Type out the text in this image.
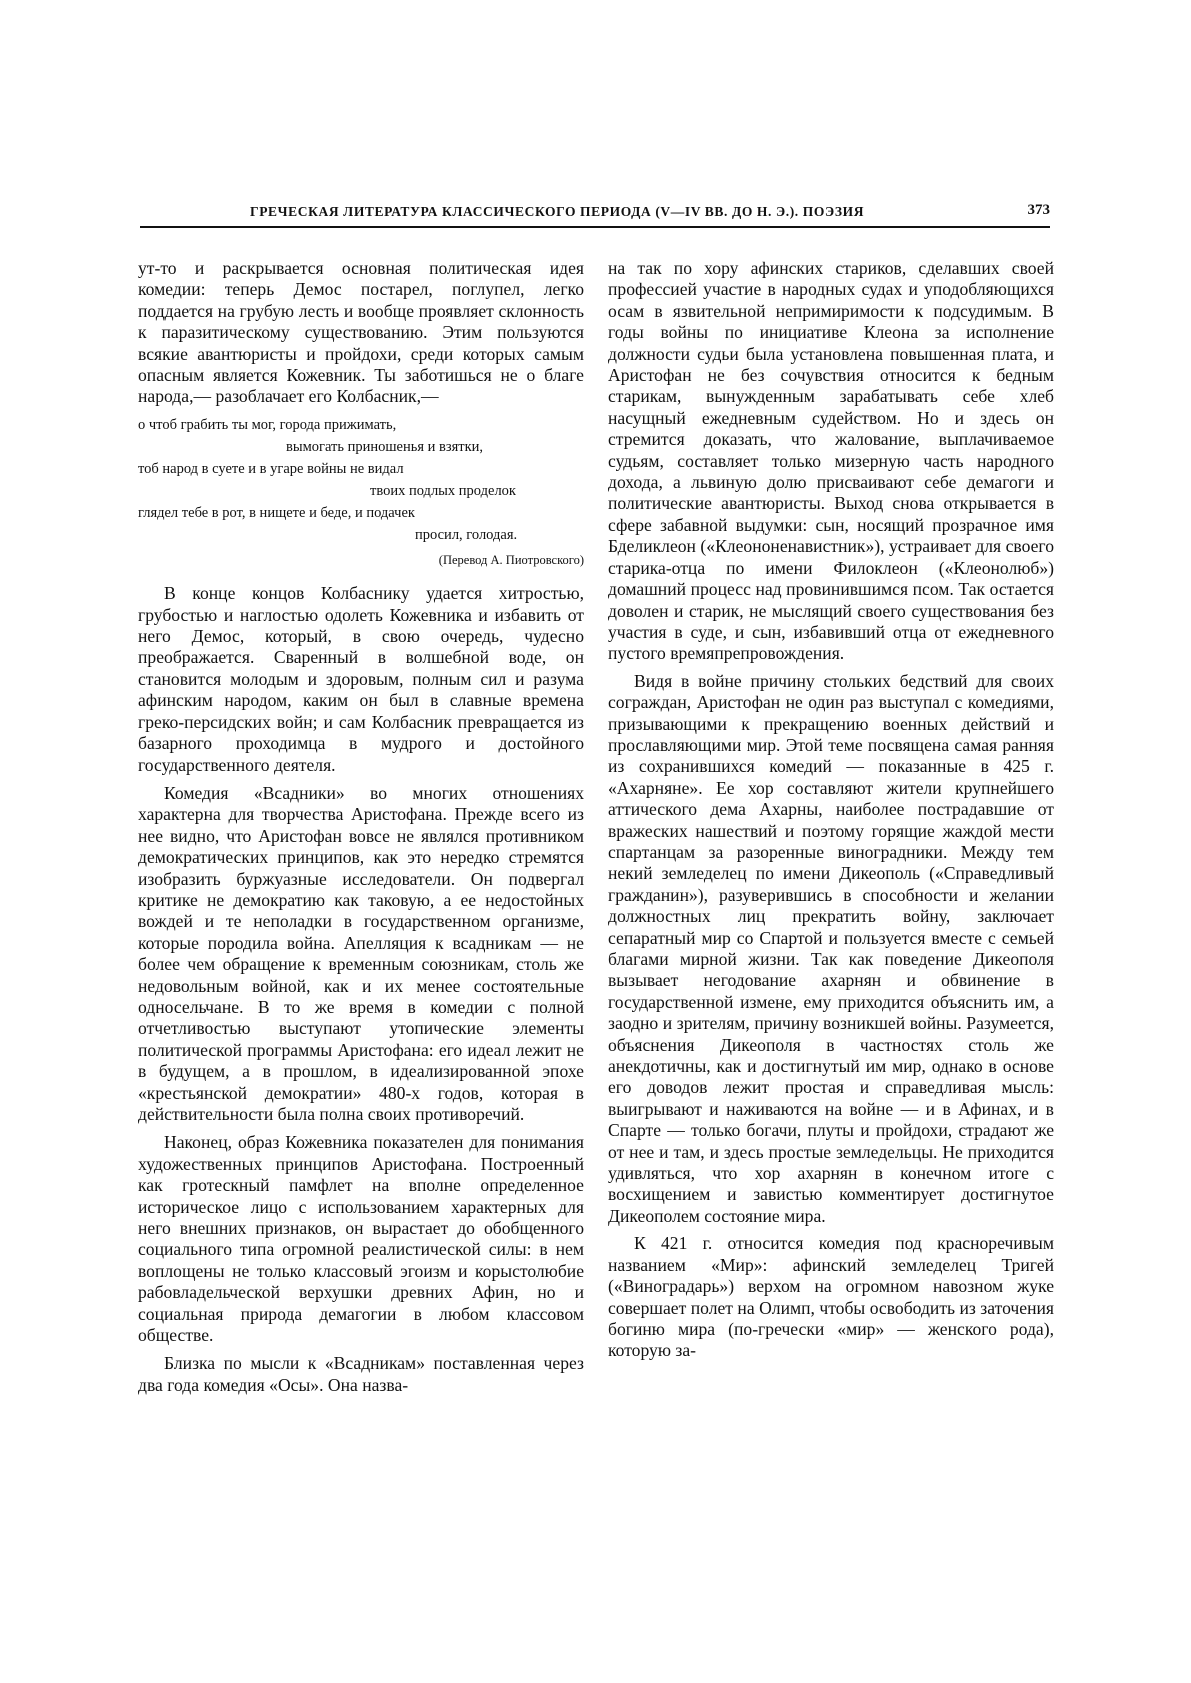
ГРЕЧЕСКАЯ ЛИТЕРАТУРА КЛАССИЧЕСКОГО ПЕРИОДА (V—IV ВВ. ДО Н. Э.). ПОЭЗИЯ	373

ут-то и раскрывается основная политическая идея комедии: теперь Демос постарел, поглупел, легко поддается на грубую лесть и вообще проявляет склонность к паразитическому существованию. Этим пользуются всякие авантюристы и пройдохи, среди которых самым опасным является Кожевник. Ты заботишься не о благе народа,— разоблачает его Колбасник,—

о чтоб грабить ты мог, города прижимать,
вымогать приношенья и взятки,
тоб народ в суете и в угаре войны не видал
твоих подлых проделок
глядел тебе в рот, в нищете и беде, и подачек
просил, голодая.
(Перевод А. Пиотровского)

В конце концов Колбаснику удается хитростью, грубостью и наглостью одолеть Кожевника и избавить от него Демос, который, в свою очередь, чудесно преображается. Сваренный в волшебной воде, он становится молодым и здоровым, полным сил и разума афинским народом, каким он был в славные времена греко-персидских войн; и сам Колбасник превращается из базарного проходимца в мудрого и достойного государственного деятеля.

Комедия «Всадники» во многих отношениях характерна для творчества Аристофана. Прежде всего из нее видно, что Аристофан вовсе не являлся противником демократических принципов, как это нередко стремятся изобразить буржуазные исследователи. Он подвергал критике не демократию как таковую, а ее недостойных вождей и те неполадки в государственном организме, которые породила война. Апелляция к всадникам — не более чем обращение к временным союзникам, столь же недовольным войной, как и их менее состоятельные односельчане. В то же время в комедии с полной отчетливостью выступают утопические элементы политической программы Аристофана: его идеал лежит не в будущем, а в прошлом, в идеализированной эпохе «крестьянской демократии» 480-х годов, которая в действительности была полна своих противоречий.

Наконец, образ Кожевника показателен для понимания художественных принципов Аристофана. Построенный как гротескный памфлет на вполне определенное историческое лицо с использованием характерных для него внешних признаков, он вырастает до обобщенного социального типа огромной реалистической силы: в нем воплощены не только классовый эгоизм и корыстолюбие рабовладельческой верхушки древних Афин, но и социальная природа демагогии в любом классовом обществе.

Близка по мысли к «Всадникам» поставленная через два года комедия «Осы». Она назва-

на так по хору афинских стариков, сделавших своей профессией участие в народных судах и уподобляющихся осам в язвительной непримиримости к подсудимым. В годы войны по инициативе Клеона за исполнение должности судьи была установлена повышенная плата, и Аристофан не без сочувствия относится к бедным старикам, вынужденным зарабатывать себе хлеб насущный ежедневным судейством. Но и здесь он стремится доказать, что жалование, выплачиваемое судьям, составляет только мизерную часть народного дохода, а львиную долю присваивают себе демагоги и политические авантюристы. Выход снова открывается в сфере забавной выдумки: сын, носящий прозрачное имя Бделиклеон («Клеононенавистник»), устраивает для своего старика-отца по имени Филоклеон («Клеонолюб») домашний процесс над провинившимся псом. Так остается доволен и старик, не мыслящий своего существования без участия в суде, и сын, избавивший отца от ежедневного пустого времяпрепровождения.

Видя в войне причину стольких бедствий для своих сограждан, Аристофан не один раз выступал с комедиями, призывающими к прекращению военных действий и прославляющими мир. Этой теме посвящена самая ранняя из сохранившихся комедий — показанные в 425 г. «Ахарняне». Ее хор составляют жители крупнейшего аттического дема Ахарны, наиболее пострадавшие от вражеских нашествий и поэтому горящие жаждой мести спартанцам за разоренные виноградники. Между тем некий земледелец по имени Дикеополь («Справедливый гражданин»), разуверившись в способности и желании должностных лиц прекратить войну, заключает сепаратный мир со Спартой и пользуется вместе с семьей благами мирной жизни. Так как поведение Дикеополя вызывает негодование ахарнян и обвинение в государственной измене, ему приходится объяснить им, а заодно и зрителям, причину возникшей войны. Разумеется, объяснения Дикеополя в частностях столь же анекдотичны, как и достигнутый им мир, однако в основе его доводов лежит простая и справедливая мысль: выигрывают и наживаются на войне — и в Афинах, и в Спарте — только богачи, плуты и пройдохи, страдают же от нее и там, и здесь простые земледельцы. Не приходится удивляться, что хор ахарнян в конечном итоге с восхищением и завистью комментирует достигнутое Дикеополем состояние мира.

К 421 г. относится комедия под красноречивым названием «Мир»: афинский земледелец Тригей («Виноградарь») верхом на огромном навозном жуке совершает полет на Олимп, чтобы освободить из заточения богиню мира (по-гречески «мир» — женского рода), которую за-
